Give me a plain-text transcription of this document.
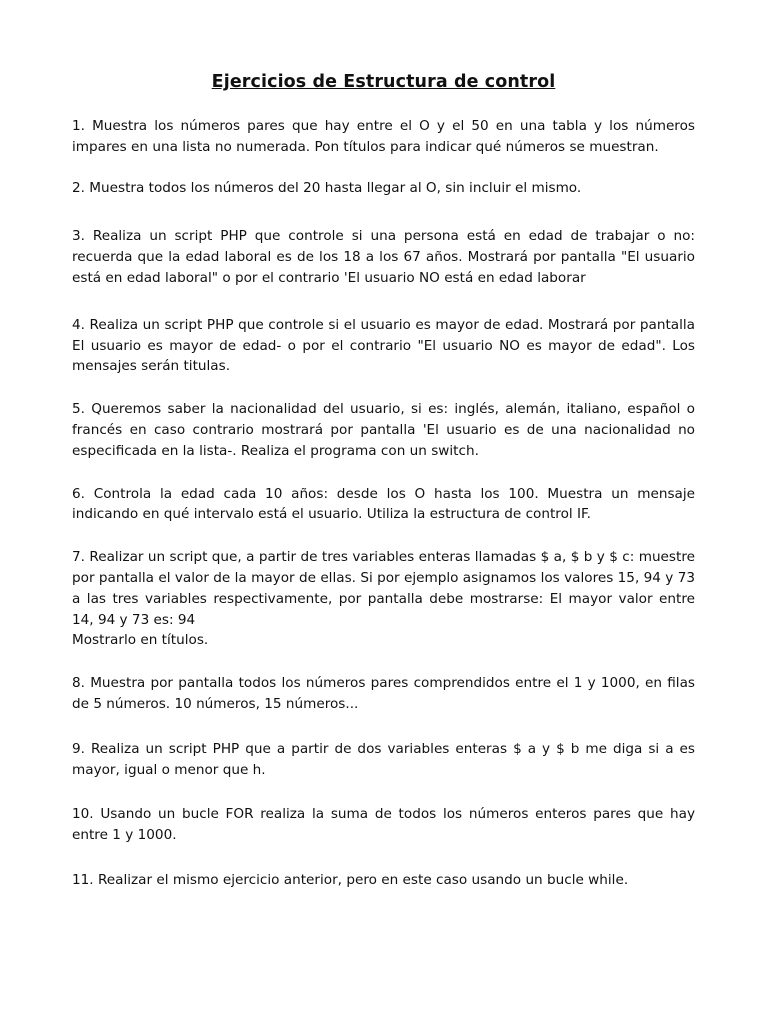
Ejercicios de Estructura de control

1. Muestra los números pares que hay entre el O y el 50 en una tabla y los números impares en una lista no numerada. Pon títulos para indicar qué números se muestran.

2. Muestra todos los números del 20 hasta llegar al O, sin incluir el mismo.

3. Realiza un script PHP que controle si una persona está en edad de trabajar o no: recuerda que la edad laboral es de los 18 a los 67 años. Mostrará por pantalla "El usuario está en edad laboral" o por el contrario 'El usuario NO está en edad laborar

4. Realiza un script PHP que controle si el usuario es mayor de edad. Mostrará por pantalla El usuario es mayor de edad- o por el contrario "El usuario NO es mayor de edad". Los mensajes serán titulas.

5. Queremos saber la nacionalidad del usuario, si es: inglés, alemán, italiano, español o francés en caso contrario mostrará por pantalla 'El usuario es de una nacionalidad no especificada en la lista-. Realiza el programa con un switch.

6. Controla la edad cada 10 años: desde los O hasta los 100. Muestra un mensaje indicando en qué intervalo está el usuario. Utiliza la estructura de control IF.

7. Realizar un script que, a partir de tres variables enteras llamadas $ a, $ b y $ c: muestre por pantalla el valor de la mayor de ellas. Si por ejemplo asignamos los valores 15, 94 y 73 a las tres variables respectivamente, por pantalla debe mostrarse: El mayor valor entre 14, 94 y 73 es: 94
Mostrarlo en títulos.

8. Muestra por pantalla todos los números pares comprendidos entre el 1 y 1000, en filas de 5 números. 10 números, 15 números...

9. Realiza un script PHP que a partir de dos variables enteras $ a y $ b me diga si a es mayor, igual o menor que h.

10. Usando un bucle FOR realiza la suma de todos los números enteros pares que hay entre 1 y 1000.

11. Realizar el mismo ejercicio anterior, pero en este caso usando un bucle while.
